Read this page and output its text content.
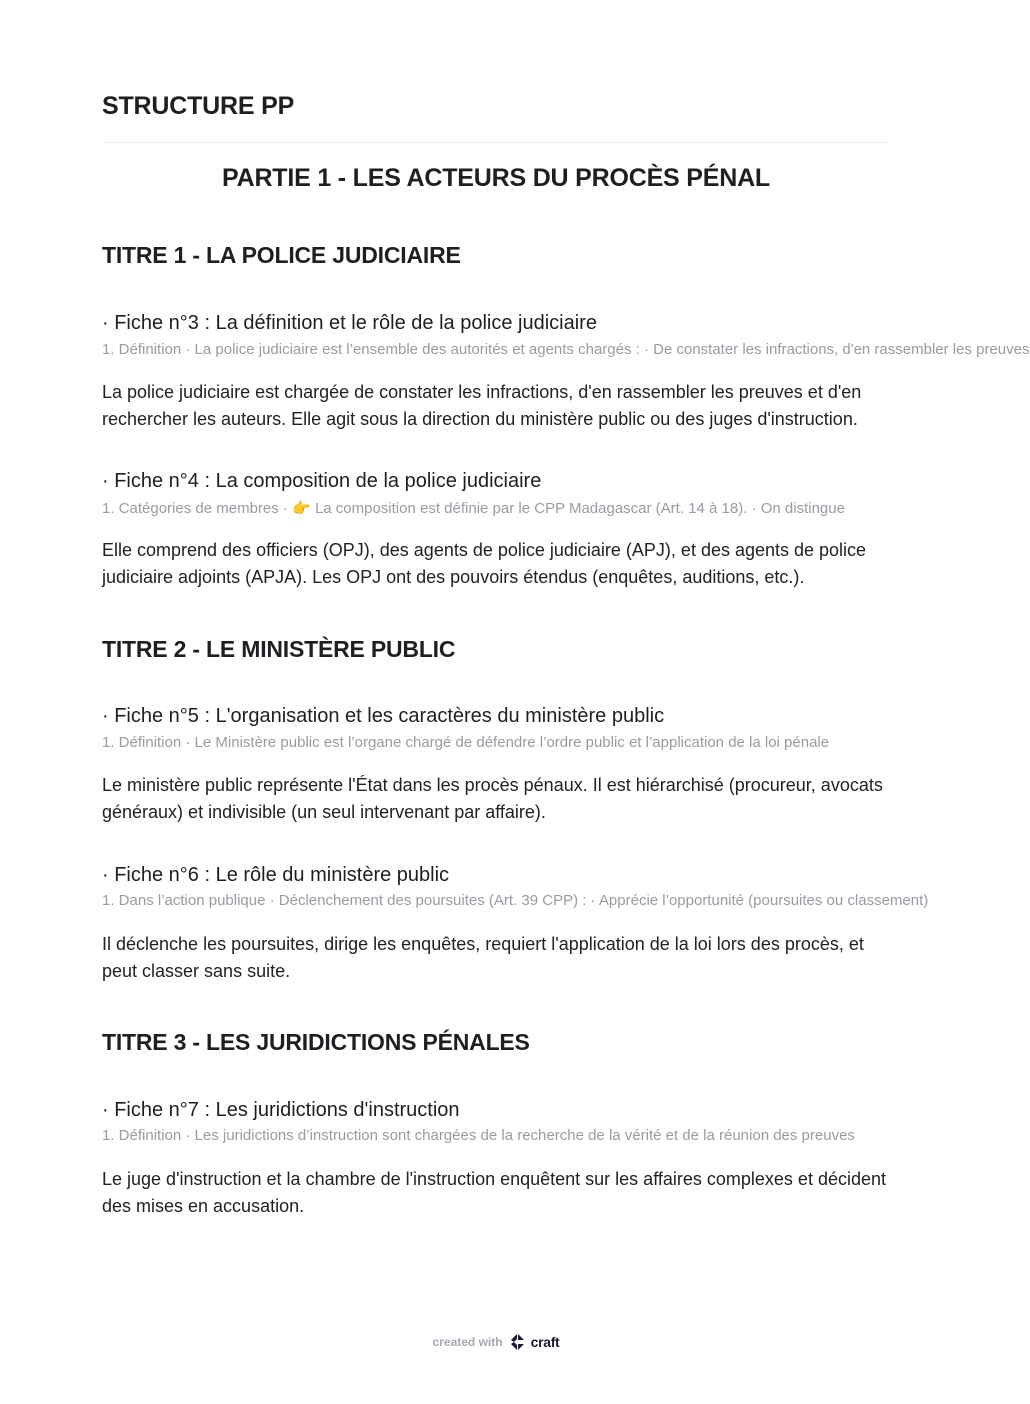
STRUCTURE PP
PARTIE 1 - LES ACTEURS DU PROCÈS PÉNAL
TITRE 1 - LA POLICE JUDICIAIRE
· Fiche n°3 : La définition et le rôle de la police judiciaire
1. Définition · La police judiciaire est l’ensemble des autorités et agents chargés : · De constater les infractions, d'en rassembler les preuves
La police judiciaire est chargée de constater les infractions, d'en rassembler les preuves et d'en rechercher les auteurs. Elle agit sous la direction du ministère public ou des juges d'instruction.
· Fiche n°4 : La composition de la police judiciaire
1. Catégories de membres · 👉 La composition est définie par le CPP Madagascar (Art. 14 à 18). · On distingue
Elle comprend des officiers (OPJ), des agents de police judiciaire (APJ), et des agents de police judiciaire adjoints (APJA). Les OPJ ont des pouvoirs étendus (enquêtes, auditions, etc.).
TITRE 2 - LE MINISTÈRE PUBLIC
· Fiche n°5 : L'organisation et les caractères du ministère public
1. Définition · Le Ministère public est l’organe chargé de défendre l’ordre public et l’application de la loi pénale
Le ministère public représente l'État dans les procès pénaux. Il est hiérarchisé (procureur, avocats généraux) et indivisible (un seul intervenant par affaire).
· Fiche n°6 : Le rôle du ministère public
1. Dans l’action publique · Déclenchement des poursuites (Art. 39 CPP) : · Apprécie l’opportunité (poursuites ou classement)
Il déclenche les poursuites, dirige les enquêtes, requiert l'application de la loi lors des procès, et peut classer sans suite.
TITRE 3 - LES JURIDICTIONS PÉNALES
· Fiche n°7 : Les juridictions d'instruction
1. Définition · Les juridictions d’instruction sont chargées de la recherche de la vérité et de la réunion des preuves
Le juge d'instruction et la chambre de l'instruction enquêtent sur les affaires complexes et décident des mises en accusation.
created with craft
